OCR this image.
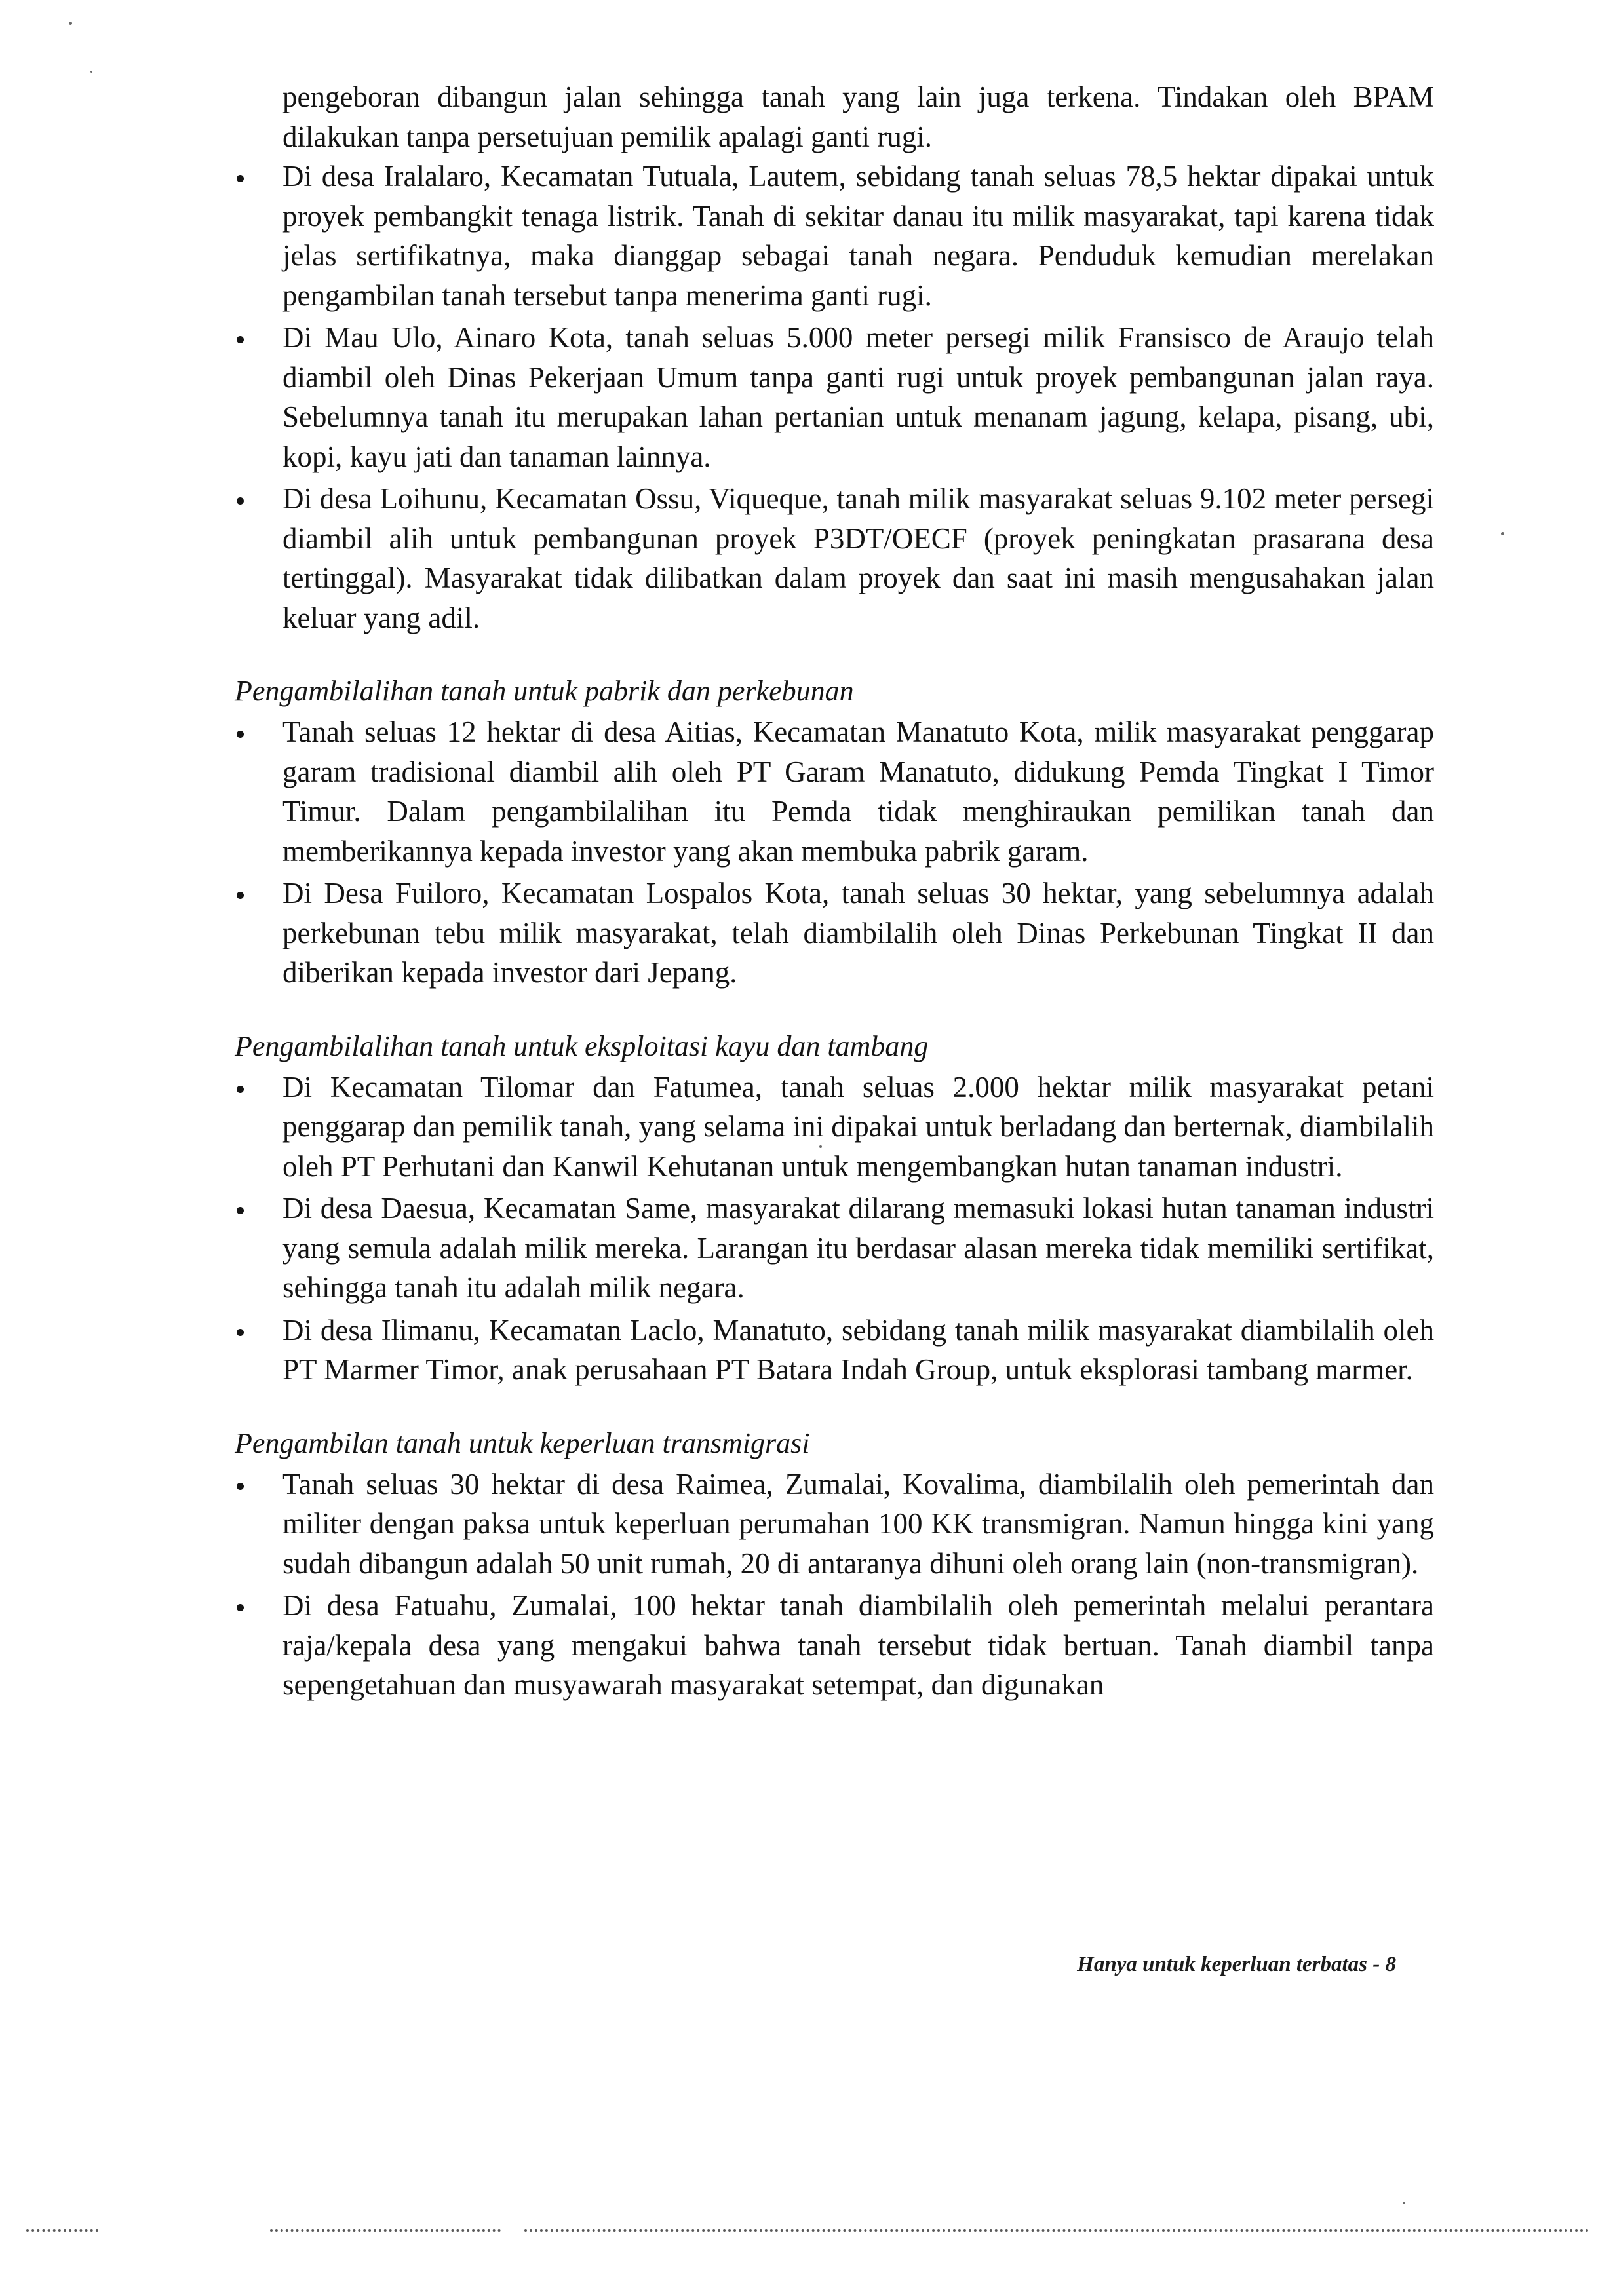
pengeboran dibangun jalan sehingga tanah yang lain juga terkena. Tindakan oleh BPAM dilakukan tanpa persetujuan pemilik apalagi ganti rugi.

Di desa Iralalaro, Kecamatan Tutuala, Lautem, sebidang tanah seluas 78,5 hektar dipakai untuk proyek pembangkit tenaga listrik. Tanah di sekitar danau itu milik masyarakat, tapi karena tidak jelas sertifikatnya, maka dianggap sebagai tanah negara. Penduduk kemudian merelakan pengambilan tanah tersebut tanpa menerima ganti rugi.
Di Mau Ulo, Ainaro Kota, tanah seluas 5.000 meter persegi milik Fransisco de Araujo telah diambil oleh Dinas Pekerjaan Umum tanpa ganti rugi untuk proyek pembangunan jalan raya. Sebelumnya tanah itu merupakan lahan pertanian untuk menanam jagung, kelapa, pisang, ubi, kopi, kayu jati dan tanaman lainnya.
Di desa Loihunu, Kecamatan Ossu, Viqueque, tanah milik masyarakat seluas 9.102 meter persegi diambil alih untuk pembangunan proyek P3DT/OECF (proyek peningkatan prasarana desa tertinggal). Masyarakat tidak dilibatkan dalam proyek dan saat ini masih mengusahakan jalan keluar yang adil.
Pengambilalihan tanah untuk pabrik dan perkebunan
Tanah seluas 12 hektar di desa Aitias, Kecamatan Manatuto Kota, milik masyarakat penggarap garam tradisional diambil alih oleh PT Garam Manatuto, didukung Pemda Tingkat I Timor Timur. Dalam pengambilalihan itu Pemda tidak menghiraukan pemilikan tanah dan memberikannya kepada investor yang akan membuka pabrik garam.
Di Desa Fuiloro, Kecamatan Lospalos Kota, tanah seluas 30 hektar, yang sebelumnya adalah perkebunan tebu milik masyarakat, telah diambilalih oleh Dinas Perkebunan Tingkat II dan diberikan kepada investor dari Jepang.
Pengambilalihan tanah untuk eksploitasi kayu dan tambang
Di Kecamatan Tilomar dan Fatumea, tanah seluas 2.000 hektar milik masyarakat petani penggarap dan pemilik tanah, yang selama ini dipakai untuk berladang dan berternak, diambilalih oleh PT Perhutani dan Kanwil Kehutanan untuk mengembangkan hutan tanaman industri.
Di desa Daesua, Kecamatan Same, masyarakat dilarang memasuki lokasi hutan tanaman industri yang semula adalah milik mereka. Larangan itu berdasar alasan mereka tidak memiliki sertifikat, sehingga tanah itu adalah milik negara.
Di desa Ilimanu, Kecamatan Laclo, Manatuto, sebidang tanah milik masyarakat diambilalih oleh PT Marmer Timor, anak perusahaan PT Batara Indah Group, untuk eksplorasi tambang marmer.
Pengambilan tanah untuk keperluan transmigrasi
Tanah seluas 30 hektar di desa Raimea, Zumalai, Kovalima, diambilalih oleh pemerintah dan militer dengan paksa untuk keperluan perumahan 100 KK transmigran. Namun hingga kini yang sudah dibangun adalah 50 unit rumah, 20 di antaranya dihuni oleh orang lain (non-transmigran).
Di desa Fatuahu, Zumalai, 100 hektar tanah diambilalih oleh pemerintah melalui perantara raja/kepala desa yang mengakui bahwa tanah tersebut tidak bertuan. Tanah diambil tanpa sepengetahuan dan musyawarah masyarakat setempat, dan digunakan
Hanya untuk keperluan terbatas - 8
